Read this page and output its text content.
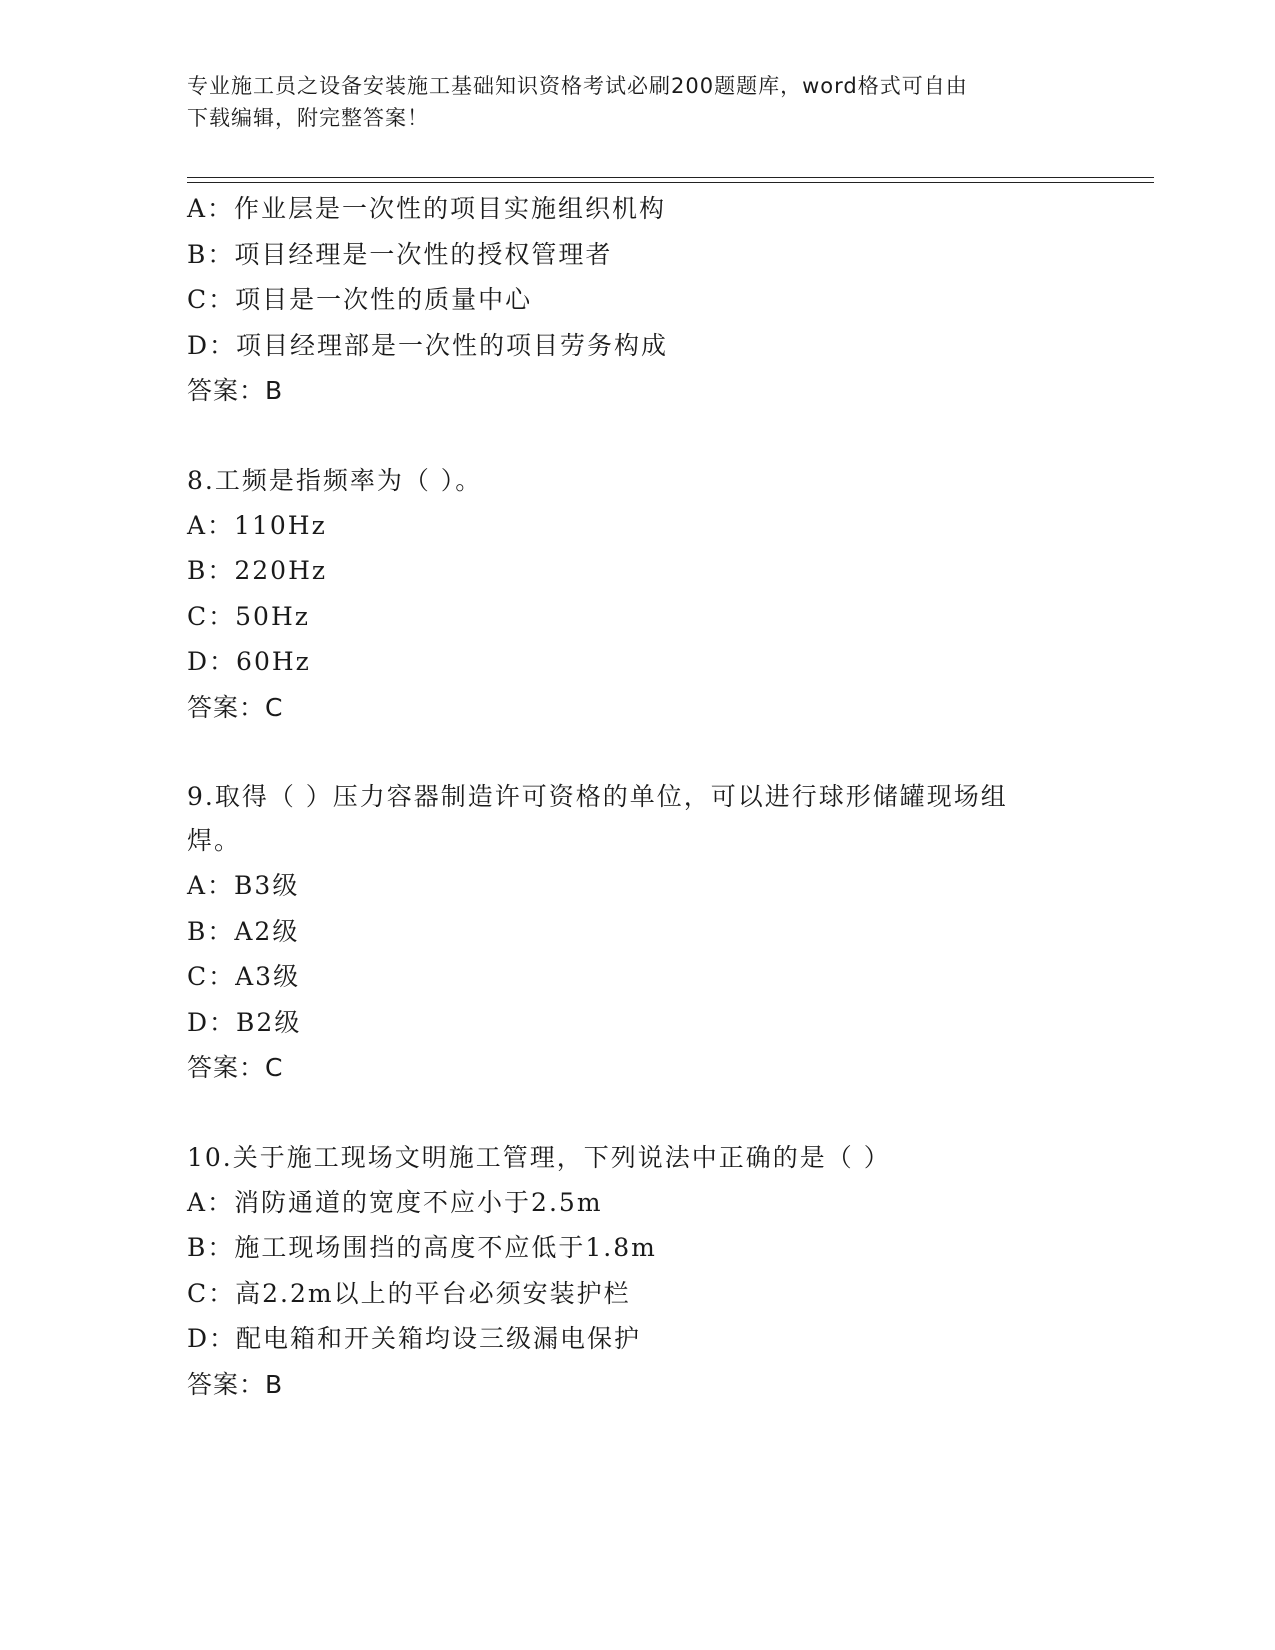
专业施工员之设备安装施工基础知识资格考试必刷200题题库，word格式可自由
下载编辑，附完整答案！
A：作业层是一次性的项目实施组织机构
B：项目经理是一次性的授权管理者
C：项目是一次性的质量中心
D：项目经理部是一次性的项目劳务构成
答案：B
8.工频是指频率为（ ）。
A：110Hz
B：220Hz
C：50Hz
D：60Hz
答案：C
9.取得（ ）压力容器制造许可资格的单位，可以进行球形储罐现场组
焊。
A：B3级
B：A2级
C：A3级
D：B2级
答案：C
10.关于施工现场文明施工管理，下列说法中正确的是（ ）
A：消防通道的宽度不应小于2.5m
B：施工现场围挡的高度不应低于1.8m
C：高2.2m以上的平台必须安装护栏
D：配电箱和开关箱均设三级漏电保护
答案：B
